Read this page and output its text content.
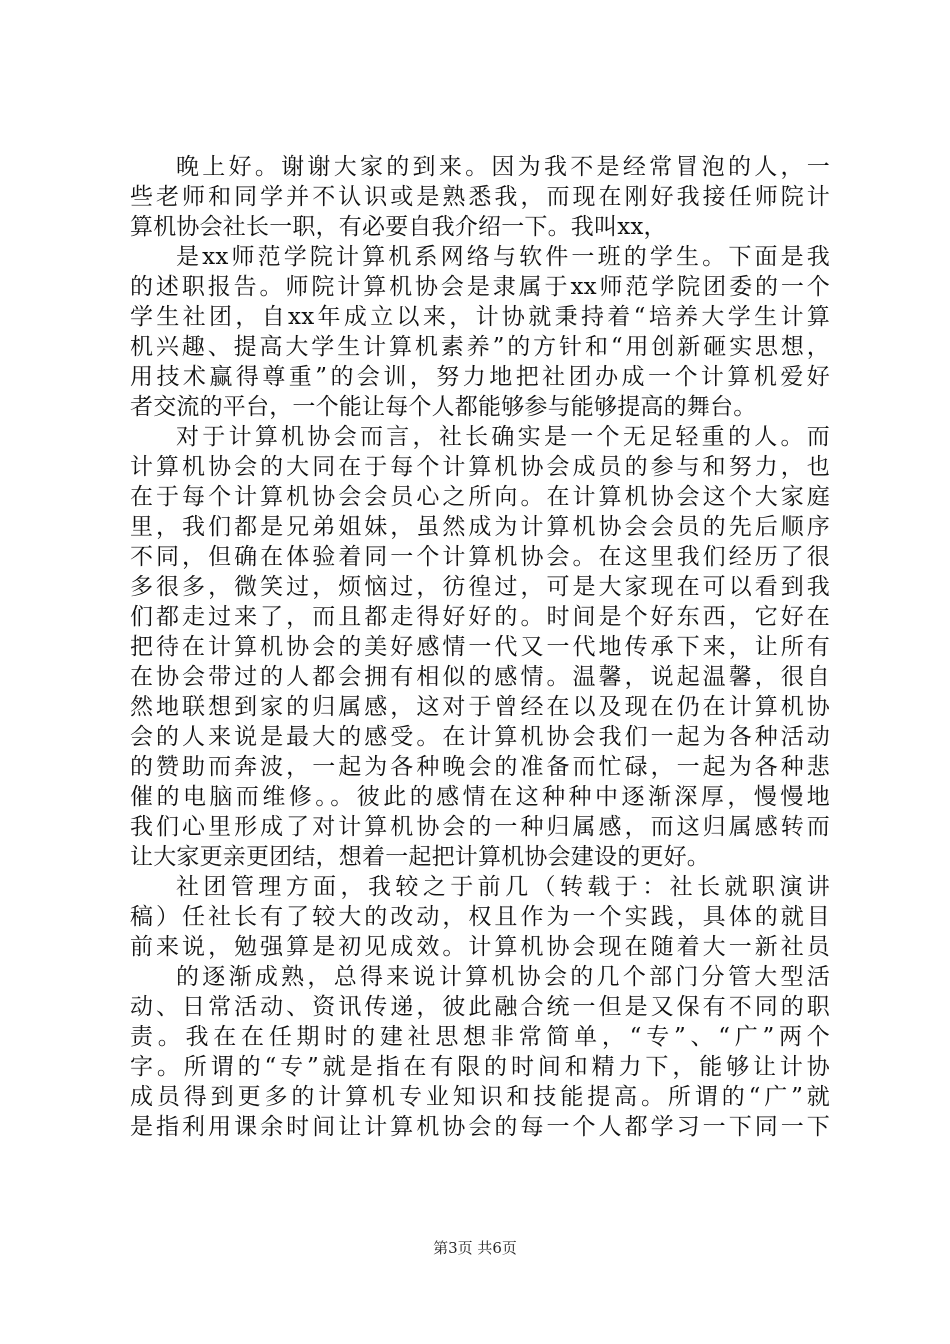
晚上好。谢谢大家的到来。因为我不是经常冒泡的人，一
些老师和同学并不认识或是熟悉我，而现在刚好我接任师院计
算机协会社长一职，有必要自我介绍一下。我叫xx，
是xx师范学院计算机系网络与软件一班的学生。下面是我
的述职报告。师院计算机协会是隶属于xx师范学院团委的一个
学生社团，自xx年成立以来，计协就秉持着“培养大学生计算
机兴趣、提高大学生计算机素养”的方针和“用创新砸实思想，
用技术赢得尊重”的会训，努力地把社团办成一个计算机爱好
者交流的平台，一个能让每个人都能够参与能够提高的舞台。
对于计算机协会而言，社长确实是一个无足轻重的人。而
计算机协会的大同在于每个计算机协会成员的参与和努力，也
在于每个计算机协会会员心之所向。在计算机协会这个大家庭
里，我们都是兄弟姐妹，虽然成为计算机协会会员的先后顺序
不同，但确在体验着同一个计算机协会。在这里我们经历了很
多很多，微笑过，烦恼过，彷徨过，可是大家现在可以看到我
们都走过来了，而且都走得好好的。时间是个好东西，它好在
把待在计算机协会的美好感情一代又一代地传承下来，让所有
在协会带过的人都会拥有相似的感情。温馨，说起温馨，很自
然地联想到家的归属感，这对于曾经在以及现在仍在计算机协
会的人来说是最大的感受。在计算机协会我们一起为各种活动
的赞助而奔波，一起为各种晚会的准备而忙碌，一起为各种悲
催的电脑而维修。。彼此的感情在这种种中逐渐深厚，慢慢地
我们心里形成了对计算机协会的一种归属感，而这归属感转而
让大家更亲更团结，想着一起把计算机协会建设的更好。
社团管理方面，我较之于前几（转载于：社长就职演讲
稿）任社长有了较大的改动，权且作为一个实践，具体的就目
前来说，勉强算是初见成效。计算机协会现在随着大一新社员
的逐渐成熟，总得来说计算机协会的几个部门分管大型活
动、日常活动、资讯传递，彼此融合统一但是又保有不同的职
责。我在在任期时的建社思想非常简单，“专”、“广”两个
字。所谓的“专”就是指在有限的时间和精力下，能够让计协
成员得到更多的计算机专业知识和技能提高。所谓的“广”就
是指利用课余时间让计算机协会的每一个人都学习一下同一下
第3页 共6页
